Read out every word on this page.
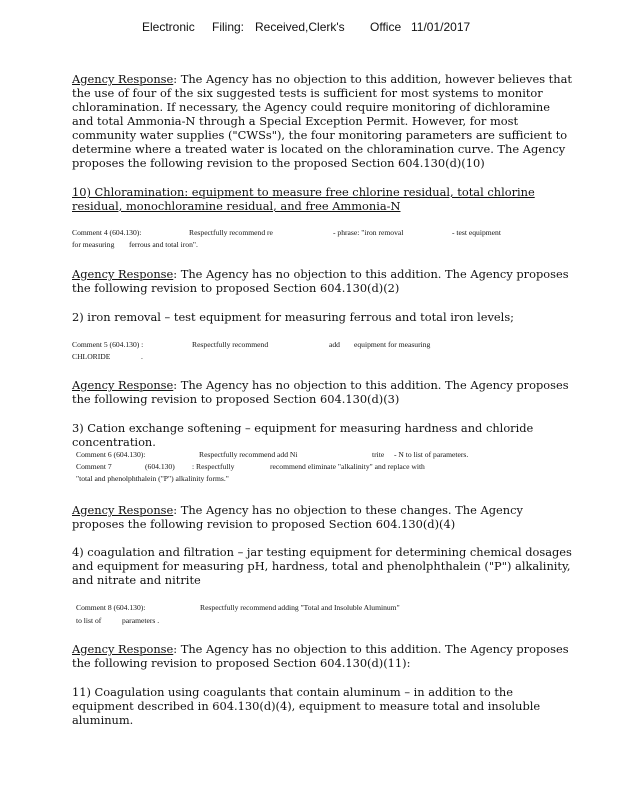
Electronic Filing: Received,Clerk's Office 11/01/2017
Agency Response: The Agency has no objection to this addition, however believes that the use of four of the six suggested tests is sufficient for most systems to monitor chloramination. If necessary, the Agency could require monitoring of dichloramine and total Ammonia-N through a Special Exception Permit. However, for most community water supplies ("CWSs"), the four monitoring parameters are sufficient to determine where a treated water is located on the chloramination curve. The Agency proposes the following revision to the proposed Section 604.130(d)(10)
10) Chloramination: equipment to measure free chlorine residual, total chlorine residual, monochloramine residual, and free Ammonia-N
Comment 4 (604.130):	Respectfully recommend re	- phrase: "iron removal	- test equipment
for measuring ferrous and total iron".
Agency Response: The Agency has no objection to this addition. The Agency proposes the following revision to proposed Section 604.130(d)(2)
2) iron removal – test equipment for measuring ferrous and total iron levels;
Comment 5 (604.130) :	Respectfully recommend	add equipment for measuring
CHLORIDE	.
Agency Response: The Agency has no objection to this addition. The Agency proposes the following revision to proposed Section 604.130(d)(3)
3) Cation exchange softening – equipment for measuring hardness and chloride concentration.
Comment 6 (604.130):	Respectfully recommend add Ni	trite - N to list of parameters.
Comment 7	(604.130) : Respectfully	recommend eliminate "alkalinity" and replace with
"total and phenolphthalein ("P") alkalinity forms."
Agency Response: The Agency has no objection to these changes. The Agency proposes the following revision to proposed Section 604.130(d)(4)
4) coagulation and filtration – jar testing equipment for determining chemical dosages and equipment for measuring pH, hardness, total and phenolphthalein ("P") alkalinity, and nitrate and nitrite
Comment 8 (604.130):	Respectfully recommend adding "Total and Insoluble Aluminum"
to list of	parameters .
Agency Response: The Agency has no objection to this addition. The Agency proposes the following revision to proposed Section 604.130(d)(11):
11) Coagulation using coagulants that contain aluminum – in addition to the equipment described in 604.130(d)(4), equipment to measure total and insoluble aluminum.
